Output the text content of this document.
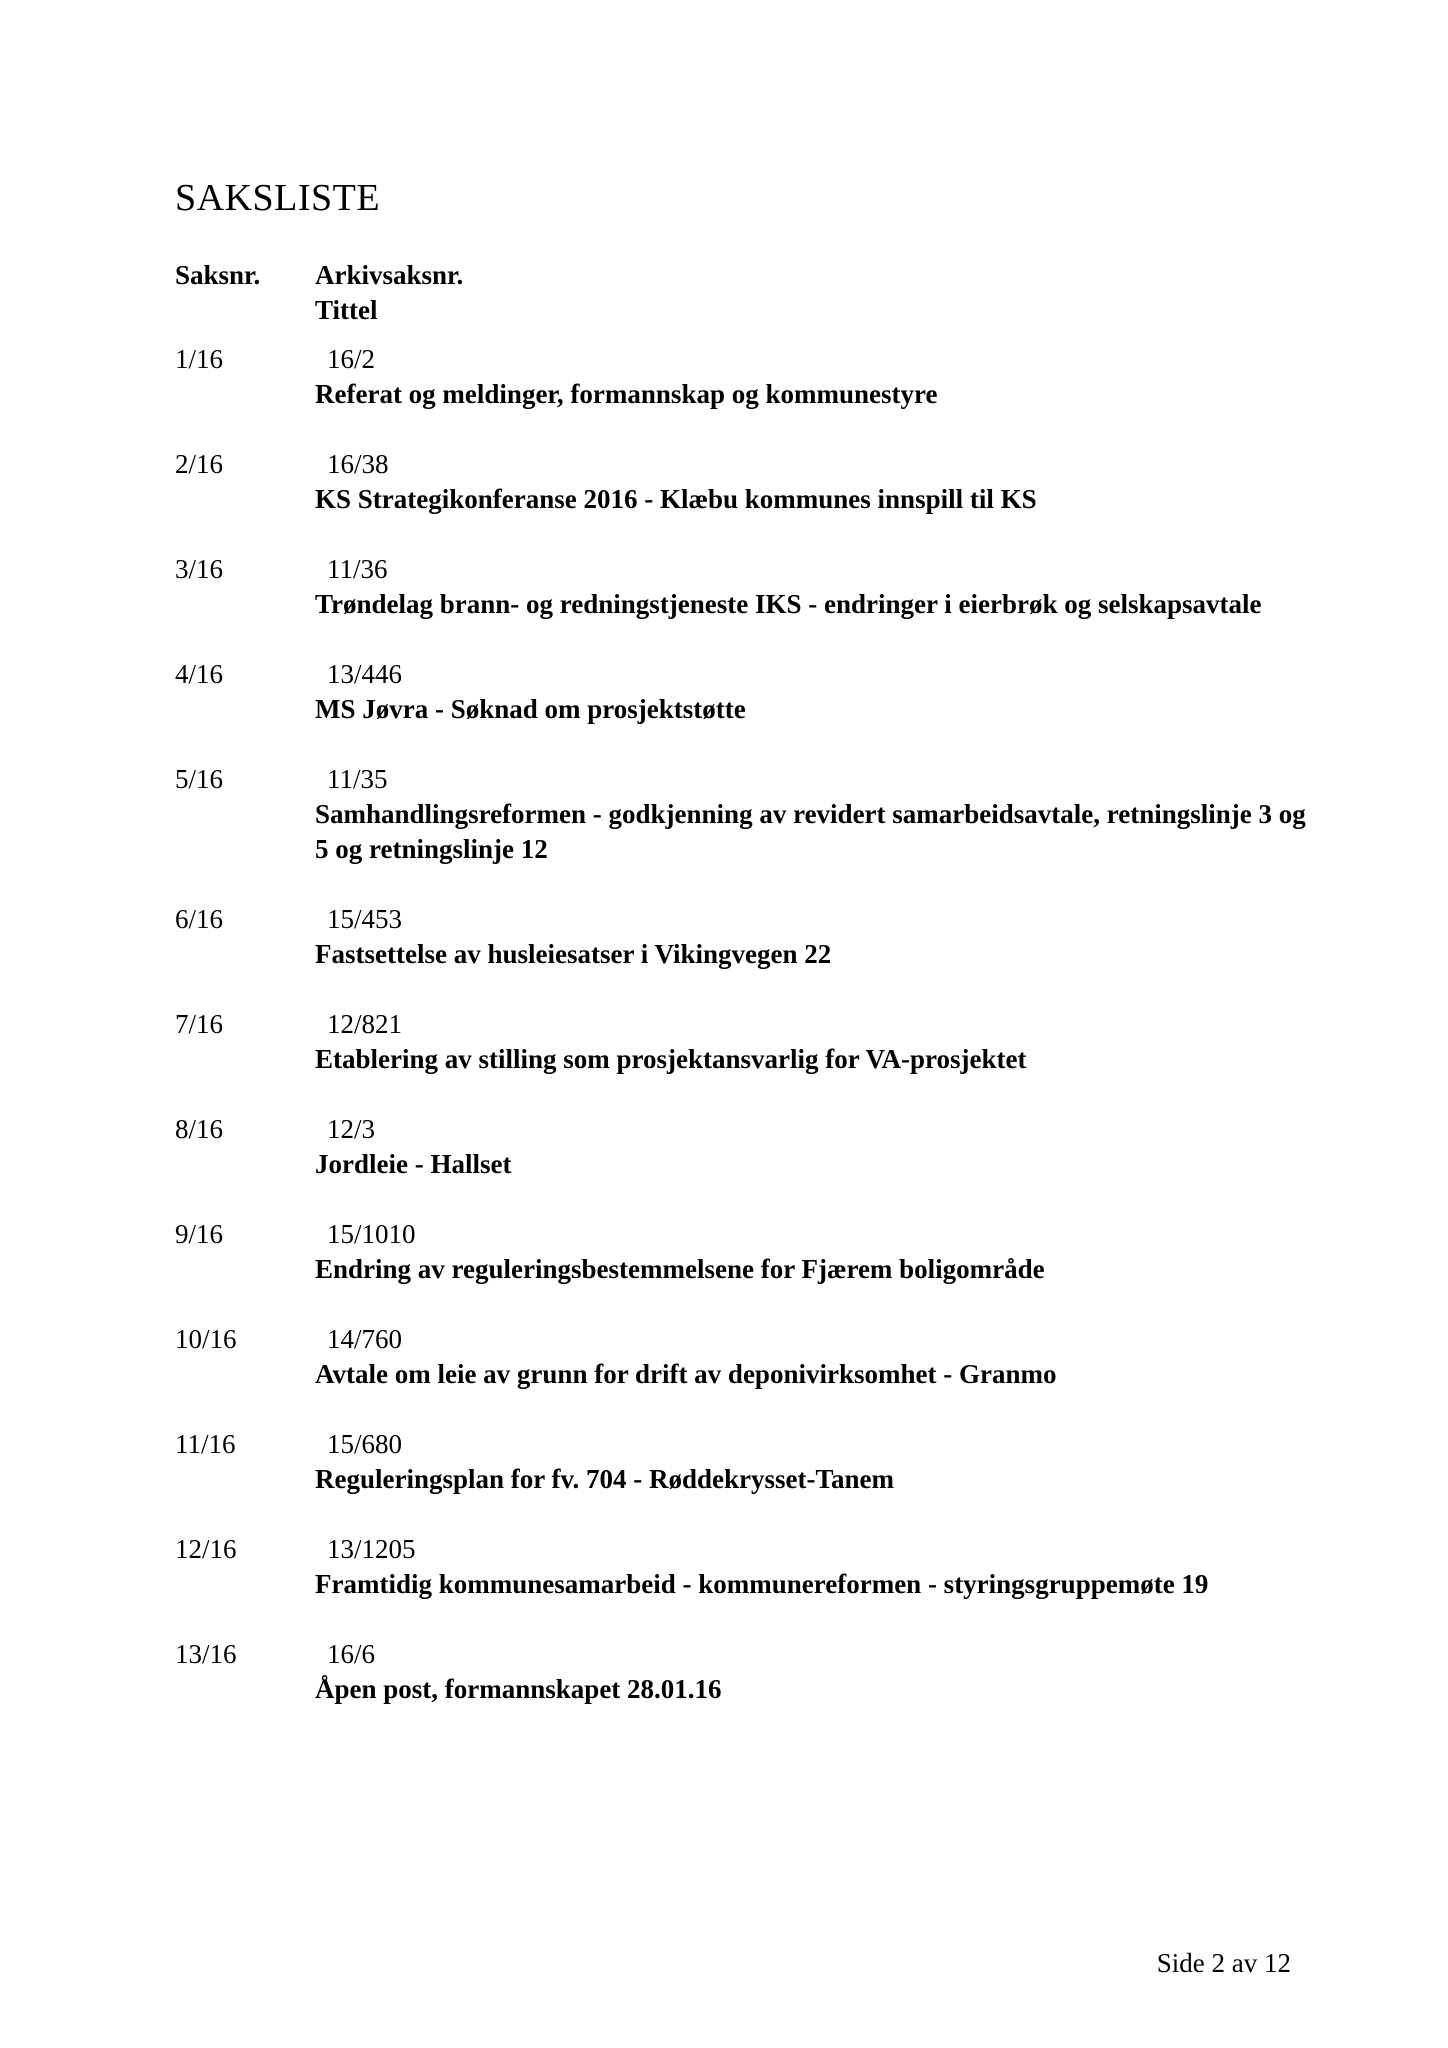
SAKSLISTE
Saksnr. Arkivsaksnr.
Tittel
1/16	16/2
Referat og meldinger, formannskap og kommunestyre
2/16	16/38
KS Strategikonferanse 2016 - Klæbu kommunes innspill til KS
3/16	11/36
Trøndelag brann- og redningstjeneste IKS - endringer i eierbrøk og selskapsavtale
4/16	13/446
MS Jøvra - Søknad om prosjektstøtte
5/16	11/35
Samhandlingsreformen - godkjenning av revidert samarbeidsavtale, retningslinje 3 og 5 og retningslinje 12
6/16	15/453
Fastsettelse av husleiesatser i Vikingvegen 22
7/16	12/821
Etablering av stilling som prosjektansvarlig for VA-prosjektet
8/16	12/3
Jordleie - Hallset
9/16	15/1010
Endring av reguleringsbestemmelsene for Fjærem boligområde
10/16	14/760
Avtale om leie av grunn for drift av deponivirksomhet - Granmo
11/16	15/680
Reguleringsplan for fv. 704 - Røddekrysset-Tanem
12/16	13/1205
Framtidig kommunesamarbeid - kommunereformen - styringsgruppemøte 19
13/16	16/6
Åpen post, formannskapet 28.01.16
Side 2 av 12
